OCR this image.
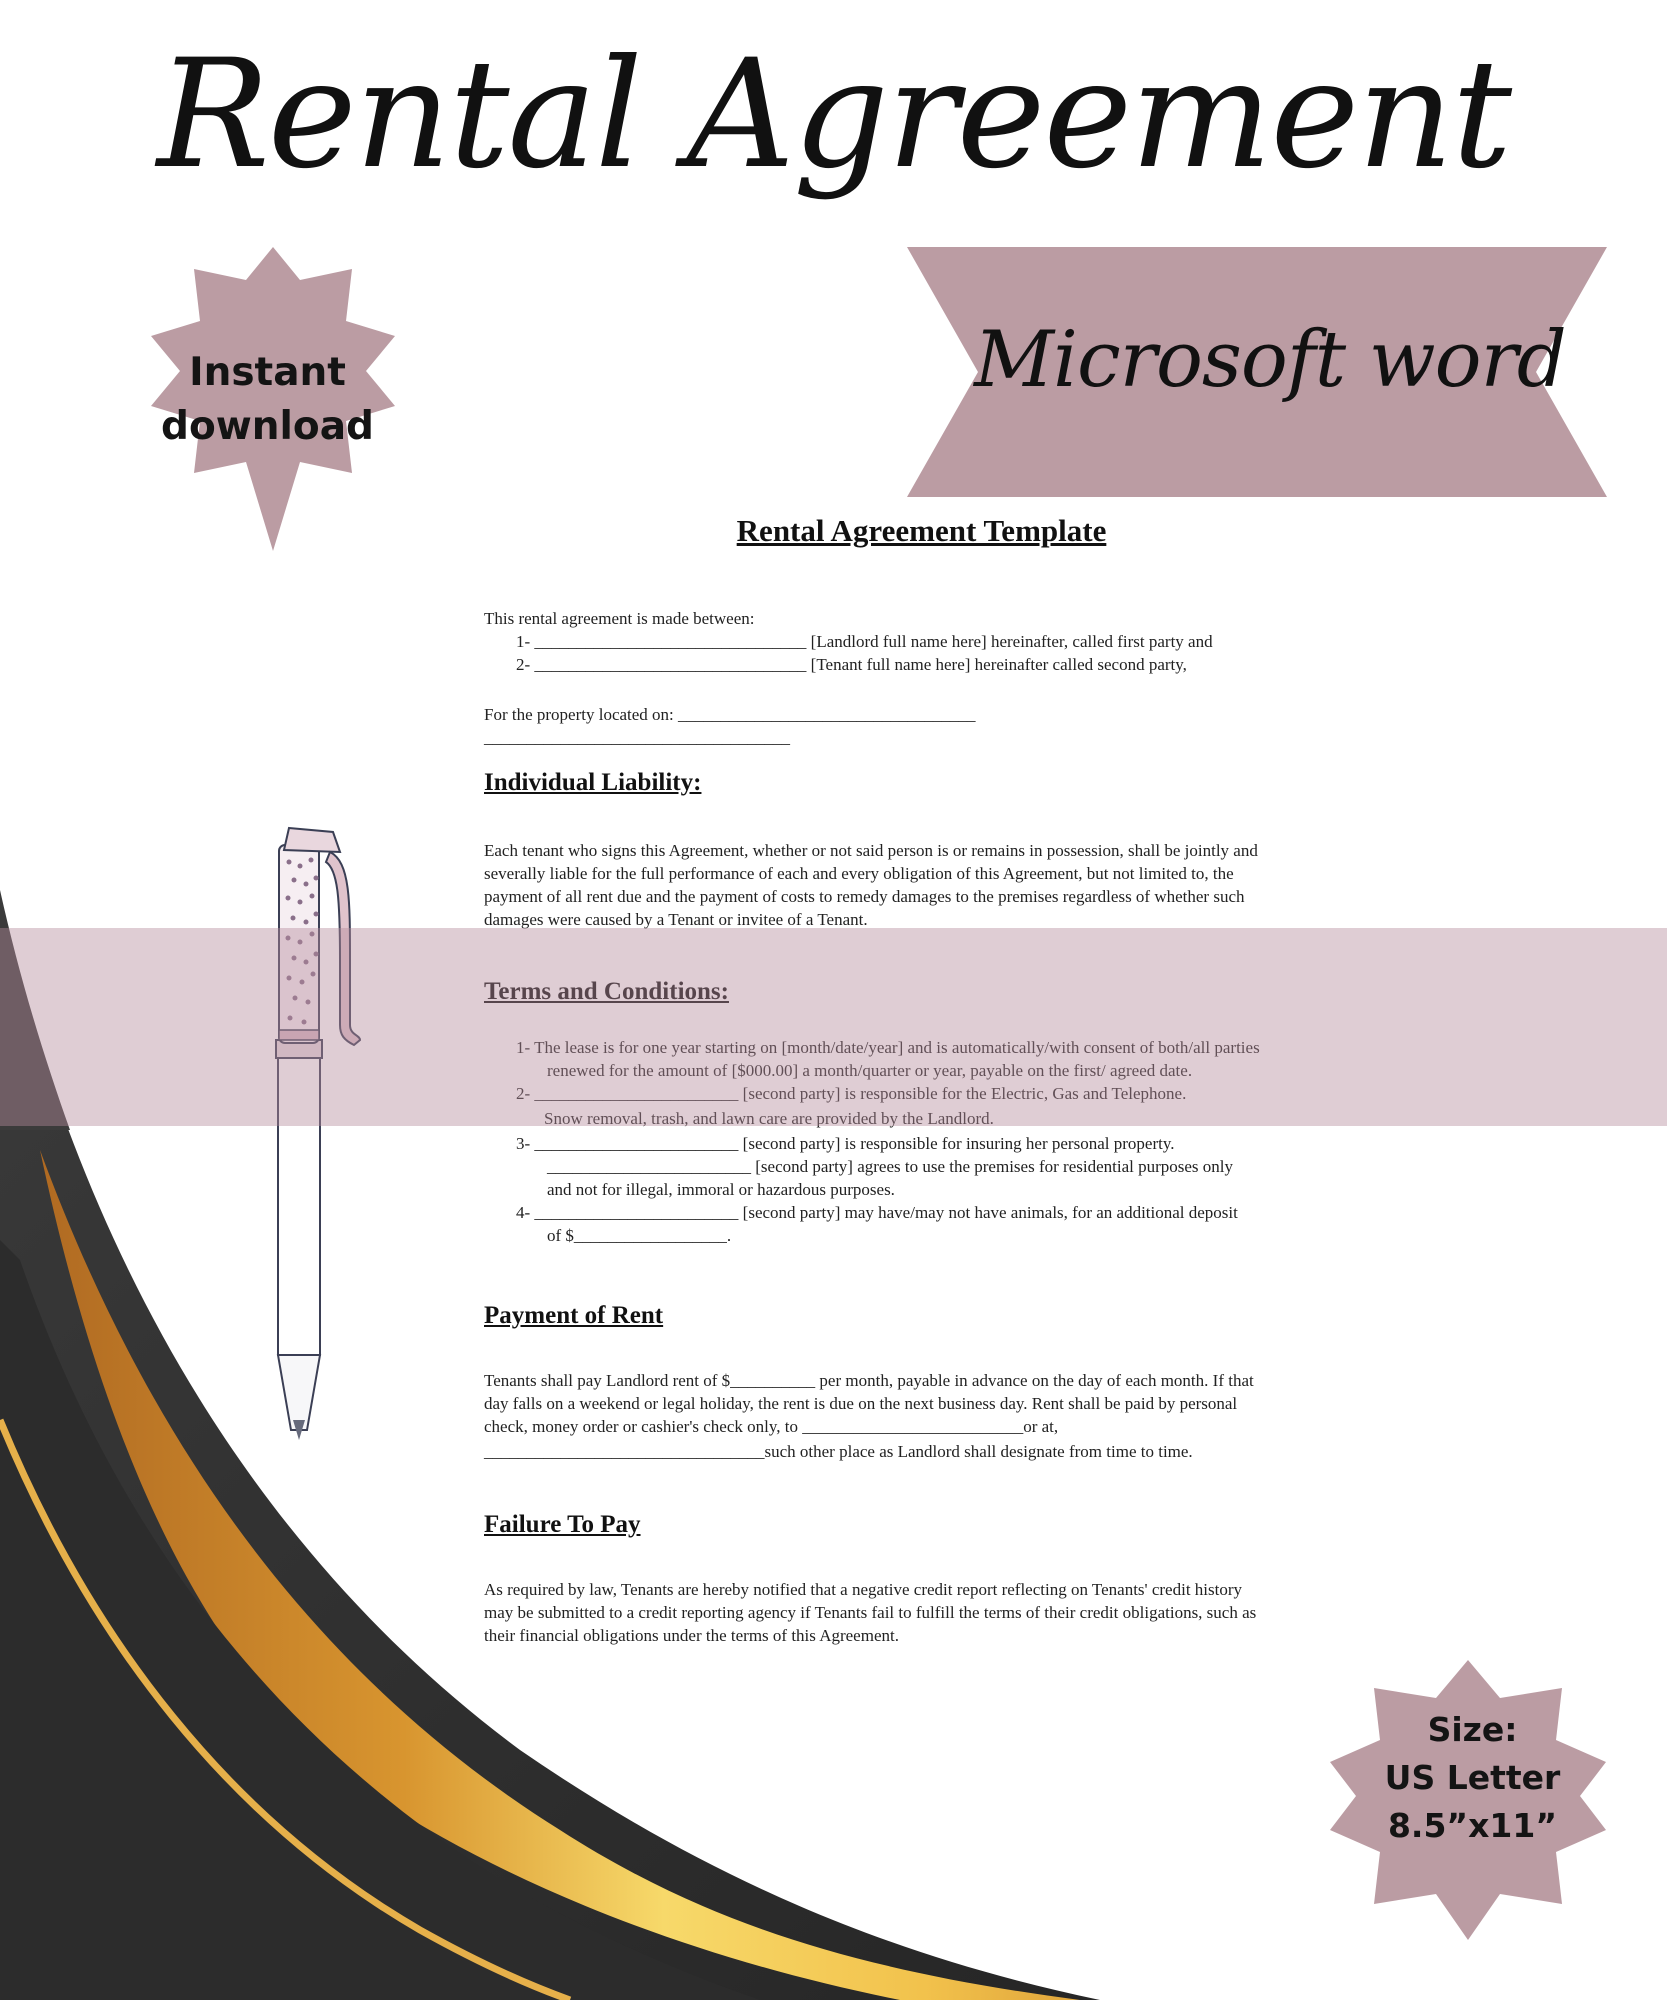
Rental Agreement
Microsoft word
Instant
download
Rental Agreement Template
This rental agreement is made between:
1- ________________________________ [Landlord full name here] hereinafter, called first party and
2- ________________________________ [Tenant full name here] hereinafter called second party,
For the property located on: ___________________________________
____________________________________
Individual Liability:
Each tenant who signs this Agreement, whether or not said person is or remains in possession, shall be jointly and
severally liable for the full performance of each and every obligation of this Agreement, but not limited to, the
payment of all rent due and the payment of costs to remedy damages to the premises regardless of whether such
damages were caused by a Tenant or invitee of a Tenant.
Terms and Conditions:
1- The lease is for one year starting on [month/date/year] and is automatically/with consent of both/all parties
renewed for the amount of [$000.00] a month/quarter or year, payable on the first/ agreed date.
2- ________________________ [second party] is responsible for the Electric, Gas and Telephone.
Snow removal, trash, and lawn care are provided by the Landlord.
3- ________________________ [second party] is responsible for insuring her personal property.
________________________ [second party] agrees to use the premises for residential purposes only
and not for illegal, immoral or hazardous purposes.
4- ________________________ [second party] may have/may not have animals, for an additional deposit
of $__________________.
Payment of Rent
Tenants shall pay Landlord rent of $__________ per month, payable in advance on the day of each month. If that
day falls on a weekend or legal holiday, the rent is due on the next business day. Rent shall be paid by personal
check, money order or cashier's check only, to __________________________or at,
_________________________________such other place as Landlord shall designate from time to time.
Failure To Pay
As required by law, Tenants are hereby notified that a negative credit report reflecting on Tenants' credit history
may be submitted to a credit reporting agency if Tenants fail to fulfill the terms of their credit obligations, such as
their financial obligations under the terms of this Agreement.
Size:
US Letter
8.5”x11”
